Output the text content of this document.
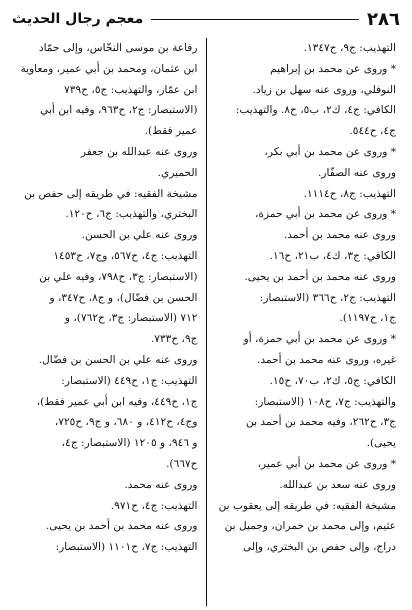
٢٨٦
معجم رجال الحديث
التهذيب: ج٩، ح١٣٤٧.
* وروى عن محمد بن إبراهيم
النوفلي، وروى عنه سهل بن زياد.
الكافي: ج٤، ك٢، ب٥، ح٨. والتهذيب:
ج٤، ح٥٤٤.
* وروى عن محمد بن أبي بكر،
وروى عنه الصفّار.
التهذيب: ج٨، ح١١١٤.
* وروى عن محمد بن أبي حمزة،
وروى عنه محمد بن أحمد.
الكافي: ج٣، ك٤، ب٢١، ح١٦.
وروى عنه محمد بن أحمد بن يحيى.
التهذيب: ج٢، ح٣٦٦ (الاستبصار:
ج١، ح١١٩٧).
* وروى عن محمد بن أبي حمزة، أو
غيره، وروى عنه محمد بن أحمد.
الكافي: ج٥، ك٢، ب٧٠، ح١٥.
والتهذيب: ج٧، ح١٠٨ (الاستبصار:
ج٣، ح٢٦٢، وفيه محمد بن أحمد بن
يحيى).
* وروى عن محمد بن أبي عمير،
وروى عنه سعد بن عبدالله.
مشيخة الفقيه: في طريقه إلى يعقوب بن
عثيم، وإلى محمد بن حمران، وجميل بن
دراج، وإلى حفص بن البختري، وإلى
رفاعة بن موسى النخّاس، وإلى حمّاد
ابن عثمان، ومحمد بن أبي عمير، ومعاوية
ابن عمّار، والتهذيب: ج٥، ح٧٣٩
(الاستبصار: ج٢، ح٩٦٣، وفيه ابن أبي
عمير فقط).
وروى عنه عبدالله بن جعفر
الحميري.
مشيخة الفقيه: في طريقه إلى حفص بن
البختري، والتهذيب: ج٦، ح١٢٠.
وروى عنه علي بن الحسن.
التهذيب: ج٤، ح٥٦٧، وج٧، ح١٤٥٣
(الاستبصار: ج٣، ح٧٩٨، وفيه علي بن
الحسن بن فضّال)، و ج٨، ح٣٤٧، و
٧١٢ (الاستبصار: ج٣، ح٧٦٢)، و
ج٩، ح٧٣٣.
وروى عنه علي بن الحسن بن فضّال.
التهذيب: ج١، ح٤٤٩ (الاستبصار:
ج١، ح٤٤٩، وفيه ابن أبي عمير فقط)،
وج٤، ح٤١٢، و ٦٨٠، و ج٩، ح٧٢٥،
و ٩٤٦، و ١٢٠٥ (الاستبصار: ج٤،
ح٦٦٧).
وروى عنه محمد.
التهذيب: ج٤، ح٩٧١.
وروى عنه محمد بن أحمد بن يحيى.
التهذيب: ج٧، ح١١٠١ (الاستبصار:
